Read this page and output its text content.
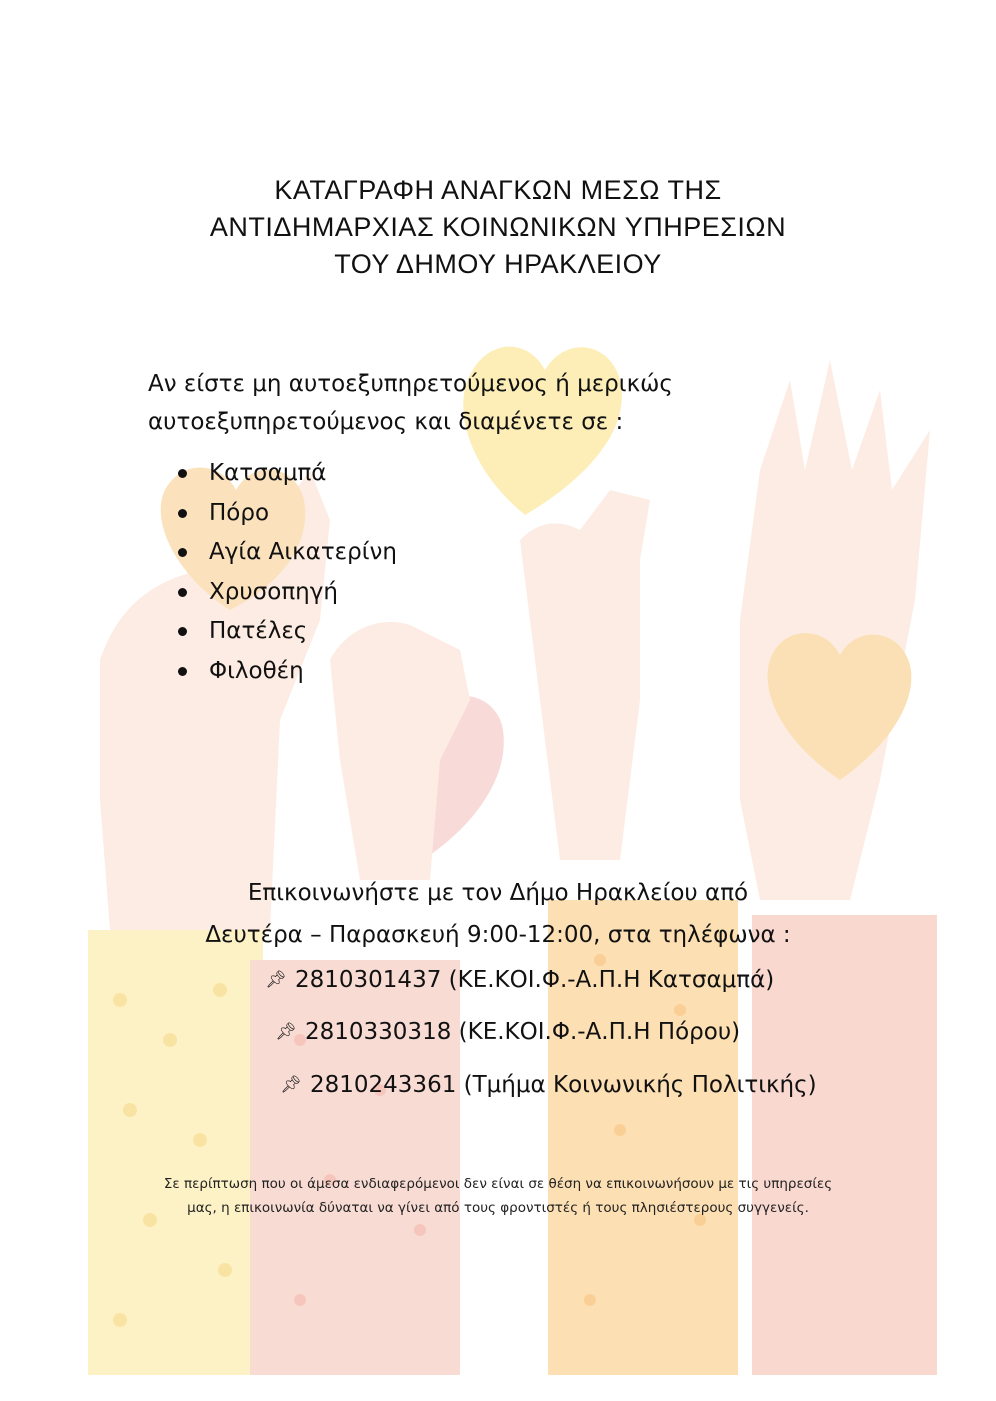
ΚΑΤΑΓΡΑΦΗ ΑΝΑΓΚΩΝ ΜΕΣΩ ΤΗΣ
ΑΝΤΙΔΗΜΑΡΧΙΑΣ ΚΟΙΝΩΝΙΚΩΝ ΥΠΗΡΕΣΙΩΝ
ΤΟΥ ΔΗΜΟΥ ΗΡΑΚΛΕΙΟΥ
Αν είστε μη αυτοεξυπηρετούμενος ή μερικώς
αυτοεξυπηρετούμενος και διαμένετε σε :
Κατσαμπά
Πόρο
Αγία Αικατερίνη
Χρυσοπηγή
Πατέλες
Φιλοθέη
Επικοινωνήστε με τον Δήμο Ηρακλείου από
Δευτέρα – Παρασκευή 9:00-12:00, στα τηλέφωνα :
📌︎ 2810301437 (ΚΕ.ΚΟΙ.Φ.-Α.Π.Η Κατσαμπά)
📌︎ 2810330318 (ΚΕ.ΚΟΙ.Φ.-Α.Π.Η Πόρου)
📌︎ 2810243361 (Τμήμα Κοινωνικής Πολιτικής)
Σε περίπτωση που οι άμεσα ενδιαφερόμενοι δεν είναι σε θέση να επικοινωνήσουν με τις υπηρεσίες μας, η επικοινωνία δύναται να γίνει από τους φροντιστές ή τους πλησιέστερους συγγενείς.
